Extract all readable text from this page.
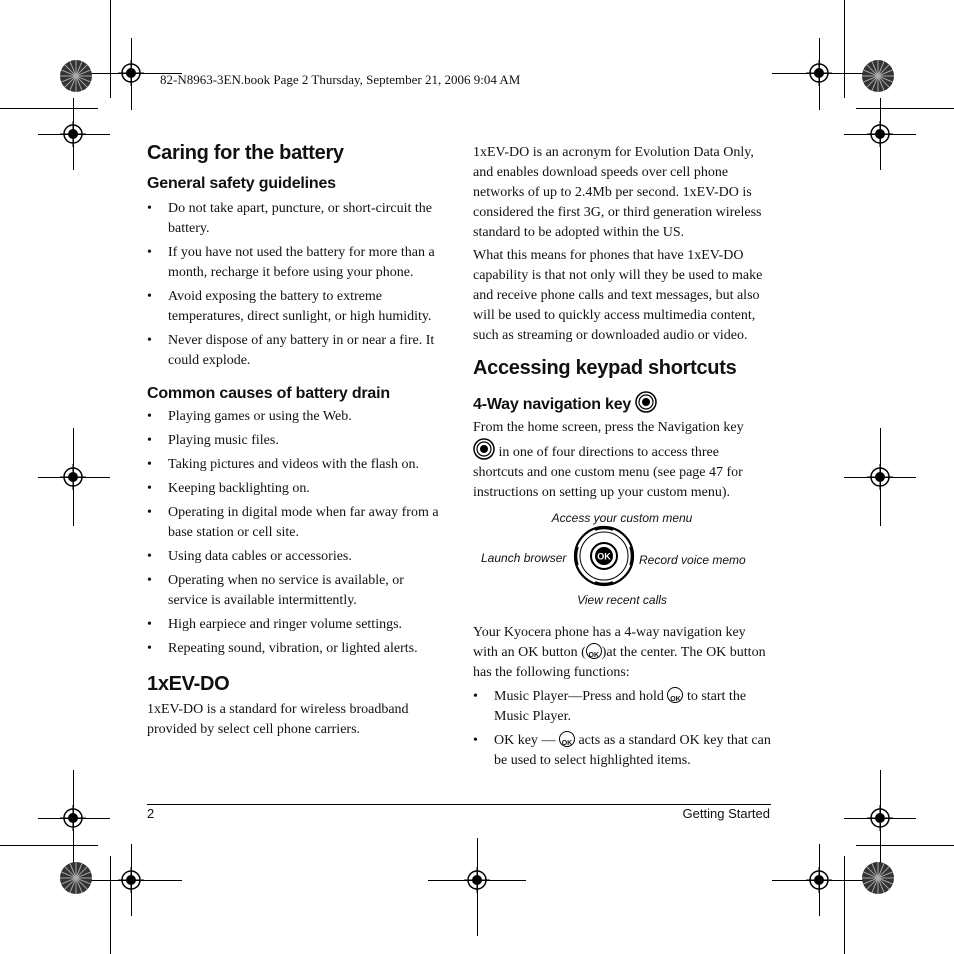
82-N8963-3EN.book Page 2 Thursday, September 21, 2006 9:04 AM
Caring for the battery
General safety guidelines
• Do not take apart, puncture, or short-circuit the battery.
• If you have not used the battery for more than a month, recharge it before using your phone.
• Avoid exposing the battery to extreme temperatures, direct sunlight, or high humidity.
• Never dispose of any battery in or near a fire. It could explode.
Common causes of battery drain
• Playing games or using the Web.
• Playing music files.
• Taking pictures and videos with the flash on.
• Keeping backlighting on.
• Operating in digital mode when far away from a base station or cell site.
• Using data cables or accessories.
• Operating when no service is available, or service is available intermittently.
• High earpiece and ringer volume settings.
• Repeating sound, vibration, or lighted alerts.
1xEV-DO

1xEV-DO is a standard for wireless broadband provided by select cell phone carriers.

1xEV-DO is an acronym for Evolution Data Only, and enables download speeds over cell phone networks of up to 2.4Mb per second. 1xEV-DO is considered the first 3G, or third generation wireless standard to be adopted within the US.

What this means for phones that have 1xEV-DO capability is that not only will they be used to make and receive phone calls and text messages, but also will be used to quickly access multimedia content, such as streaming or downloaded audio or video.

Accessing keypad shortcuts
4-Way navigation key

From the home screen, press the Navigation key
in one of four directions to access three shortcuts and one custom menu (see page 47 for instructions on setting up your custom menu).

Access your custom menu
Launch browser	Record voice memo
View recent calls
OK

Your Kyocera phone has a 4-way navigation key with an OK button ( OK )at the center. The OK button has the following functions:

• Music Player—Press and hold OK to start the Music Player.
• OK key — OK acts as a standard OK key that can be used to select highlighted items.
2	Getting Started
